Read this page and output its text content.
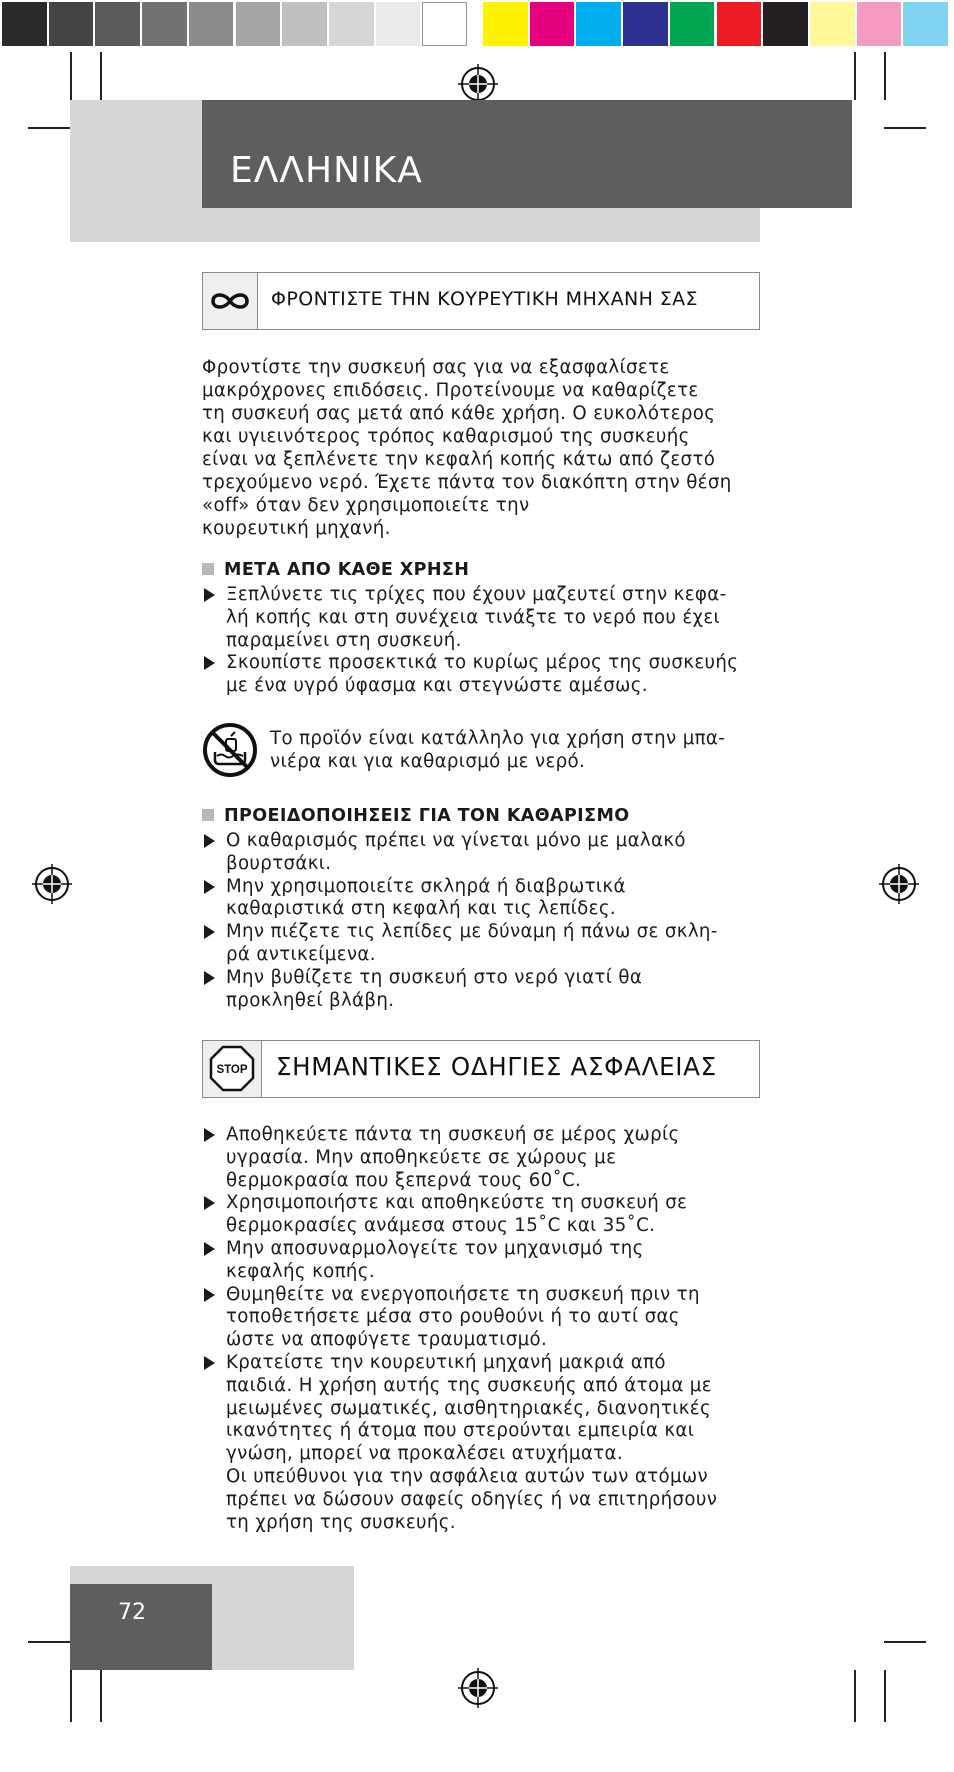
ΕΛΛΗΝΙΚΑ
ΦΡΟΝΤΙΣΤΕ ΤΗΝ ΚΟΥΡΕΥΤΙΚΗ ΜΗΧΑΝΗ ΣΑΣ
Φροντίστε την συσκευή σας για να εξασφαλίσετε
μακρόχρονες επιδόσεις. Προτείνουμε να καθαρίζετε
τη συσκευή σας μετά από κάθε χρήση. Ο ευκολότερος
και υγιεινότερος τρόπος καθαρισμού της συσκευής
είναι να ξεπλένετε την κεφαλή κοπής κάτω από ζεστό
τρεχούμενο νερό. Έχετε πάντα τον διακόπτη στην θέση
«off» όταν δεν χρησιμοποιείτε την
κουρευτική μηχανή.
ΜΕΤΑ ΑΠΟ ΚΑΘΕ ΧΡΗΣΗ
Ξεπλύνετε τις τρίχες που έχουν μαζευτεί στην κεφα-
λή κοπής και στη συνέχεια τινάξτε το νερό που έχει
παραμείνει στη συσκευή.
Σκουπίστε προσεκτικά το κυρίως μέρος της συσκευής
με ένα υγρό ύφασμα και στεγνώστε αμέσως.
Το προϊόν είναι κατάλληλο για χρήση στην μπα-
νιέρα και για καθαρισμό με νερό.
ΠΡΟΕΙΔΟΠΟΙΗΣΕΙΣ ΓΙΑ ΤΟΝ ΚΑΘΑΡΙΣΜΟ
Ο καθαρισμός πρέπει να γίνεται μόνο με μαλακό
βουρτσάκι.
Μην χρησιμοποιείτε σκληρά ή διαβρωτικά
καθαριστικά στη κεφαλή και τις λεπίδες.
Μην πιέζετε τις λεπίδες με δύναμη ή πάνω σε σκλη-
ρά αντικείμενα.
Μην βυθίζετε τη συσκευή στο νερό γιατί θα
προκληθεί βλάβη.
STOP ΣΗΜΑΝΤΙΚΕΣ ΟΔΗΓΙΕΣ ΑΣΦΑΛΕΙΑΣ
Αποθηκεύετε πάντα τη συσκευή σε μέρος χωρίς
υγρασία. Μην αποθηκεύετε σε χώρους με
θερμοκρασία που ξεπερνά τους 60˚C.
Χρησιμοποιήστε και αποθηκεύστε τη συσκευή σε
θερμοκρασίες ανάμεσα στους 15˚C και 35˚C.
Μην αποσυναρμολογείτε τον μηχανισμό της
κεφαλής κοπής.
Θυμηθείτε να ενεργοποιήσετε τη συσκευή πριν τη
τοποθετήσετε μέσα στο ρουθούνι ή το αυτί σας
ώστε να αποφύγετε τραυματισμό.
Κρατείστε την κουρευτική μηχανή μακριά από
παιδιά. Η χρήση αυτής της συσκευής από άτομα με
μειωμένες σωματικές, αισθητηριακές, διανοητικές
ικανότητες ή άτομα που στερούνται εμπειρία και
γνώση, μπορεί να προκαλέσει ατυχήματα.
Οι υπεύθυνοι για την ασφάλεια αυτών των ατόμων
πρέπει να δώσουν σαφείς οδηγίες ή να επιτηρήσουν
τη χρήση της συσκευής.
72
